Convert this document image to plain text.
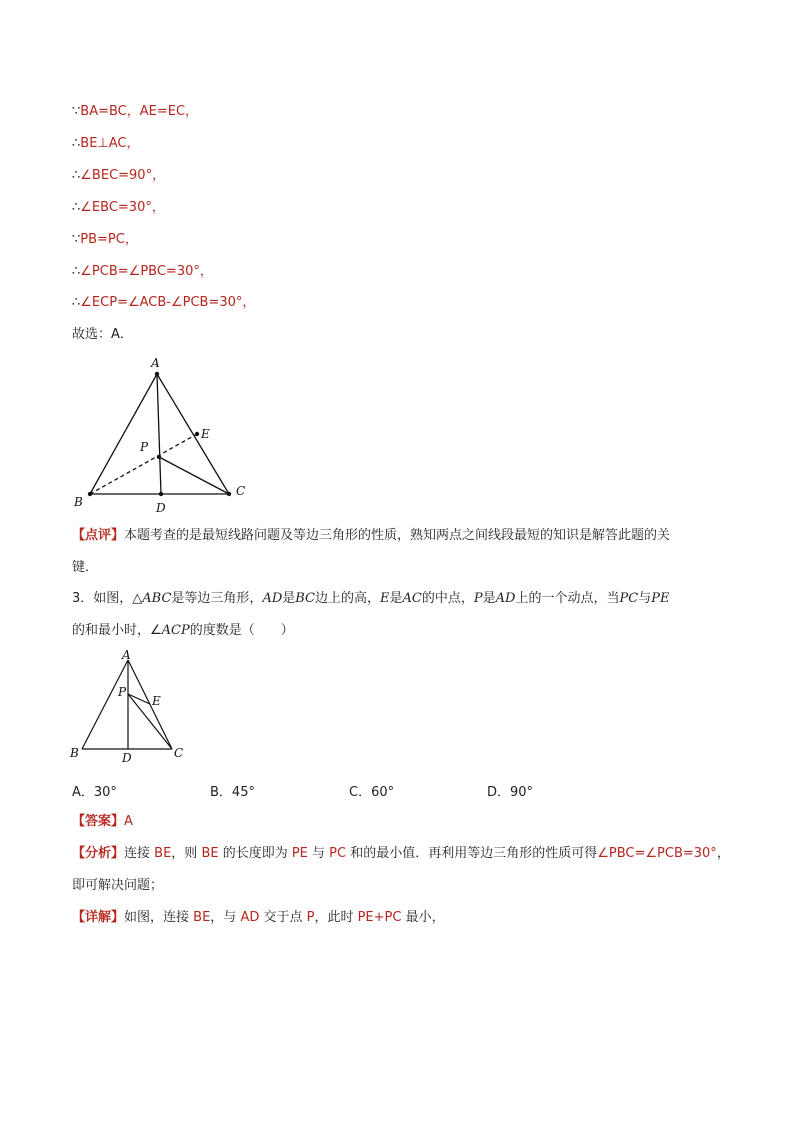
∵BA=BC，AE=EC，
∴BE⊥AC，
∴∠BEC=90°，
∴∠EBC=30°，
∵PB=PC，
∴∠PCB=∠PBC=30°，
∴∠ECP=∠ACB-∠PCB=30°，
故选：A．
A
B
C
D
E
P
【点评】本题考查的是最短线路问题及等边三角形的性质，熟知两点之间线段最短的知识是解答此题的关
键．
3．如图，△ABC是等边三角形，AD是BC边上的高，E是AC的中点，P是AD上的一个动点，当PC与PE
的和最小时，∠ACP的度数是（　　）
A
B	C
D
E
P
A．30°	B．45°	C．60°	D．90°
【答案】A
【分析】连接 BE，则 BE 的长度即为 PE 与 PC 和的最小值．再利用等边三角形的性质可得∠PBC=∠PCB=30°，
即可解决问题；
【详解】如图，连接 BE，与 AD 交于点 P，此时 PE+PC 最小，
